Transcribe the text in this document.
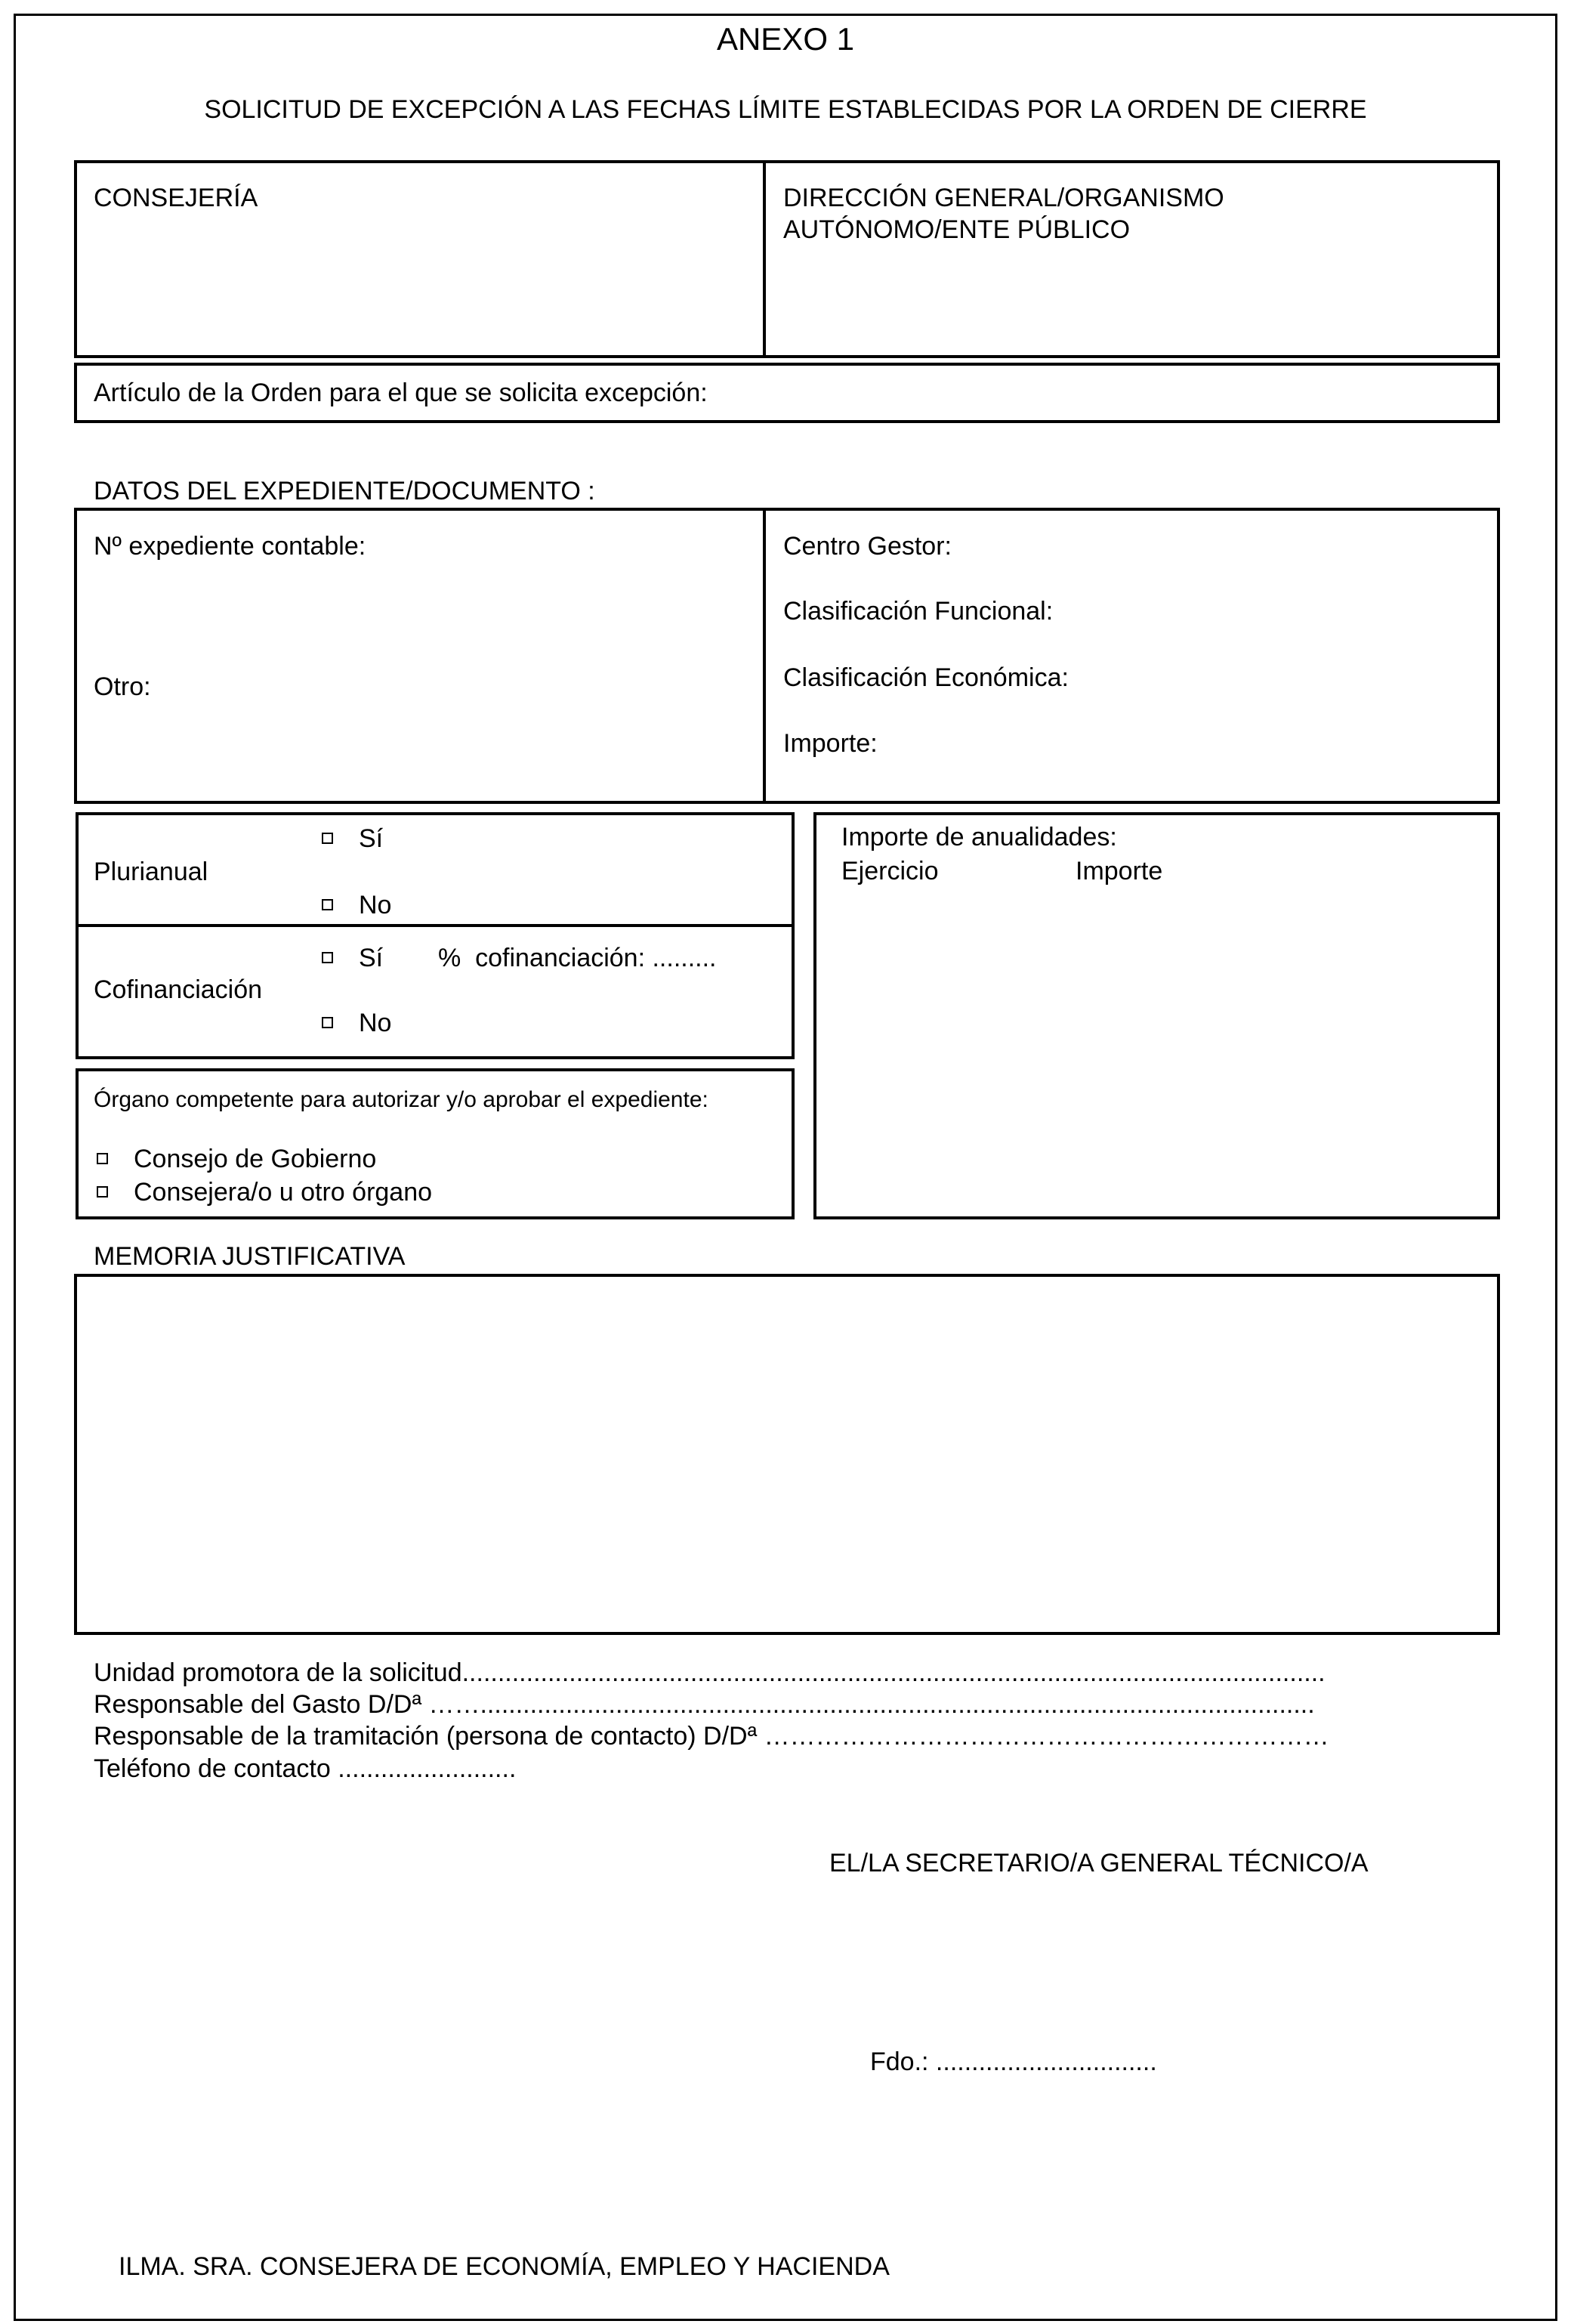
ANEXO 1
SOLICITUD DE EXCEPCIÓN A LAS FECHAS LÍMITE ESTABLECIDAS POR LA ORDEN DE CIERRE
CONSEJERÍA	DIRECCIÓN GENERAL/ORGANISMO
AUTÓNOMO/ENTE PÚBLICO
Artículo de la Orden para el que se solicita excepción:
DATOS DEL EXPEDIENTE/DOCUMENTO :
Nº expediente contable:
Otro:
Centro Gestor:
Clasificación Funcional:
Clasificación Económica:
Importe:
Plurianual
Sí
No
Cofinanciación
Sí %  cofinanciación: .........
No
Órgano competente para autorizar y/o aprobar el expediente:
Consejo de Gobierno
Consejera/o u otro órgano
Importe de anualidades:
Ejercicio	Importe
MEMORIA JUSTIFICATIVA
Unidad promotora de la solicitud.........................................................................................................................
Responsable del Gasto D/Dª …….....................................................................................................................
Responsable de la tramitación (persona de contacto) D/Dª …………………………………………………………
Teléfono de contacto .........................
EL/LA SECRETARIO/A GENERAL TÉCNICO/A
Fdo.: ...............................
ILMA. SRA. CONSEJERA DE ECONOMÍA, EMPLEO Y HACIENDA
